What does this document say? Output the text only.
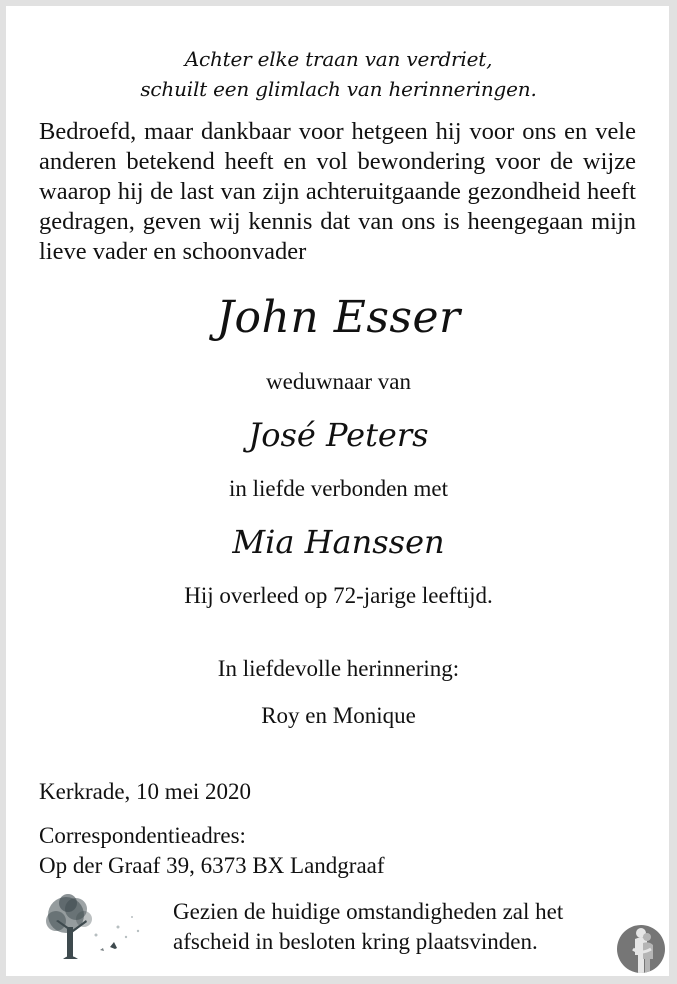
Achter elke traan van verdriet,
schuilt een glimlach van herinneringen.
Bedroefd, maar dankbaar voor hetgeen hij voor ons en vele anderen betekend heeft en vol bewondering voor de wijze waarop hij de last van zijn achteruitgaande gezondheid heeft gedragen, geven wij kennis dat van ons is heengegaan mijn lieve vader en schoonvader
John Esser
weduwnaar van
José Peters
in liefde verbonden met
Mia Hanssen
Hij overleed op 72-jarige leeftijd.
In liefdevolle herinnering:
Roy en Monique
Kerkrade, 10 mei 2020
Correspondentieadres:
Op der Graaf 39, 6373 BX Landgraaf
Gezien de huidige omstandigheden zal het
afscheid in besloten kring plaatsvinden.
